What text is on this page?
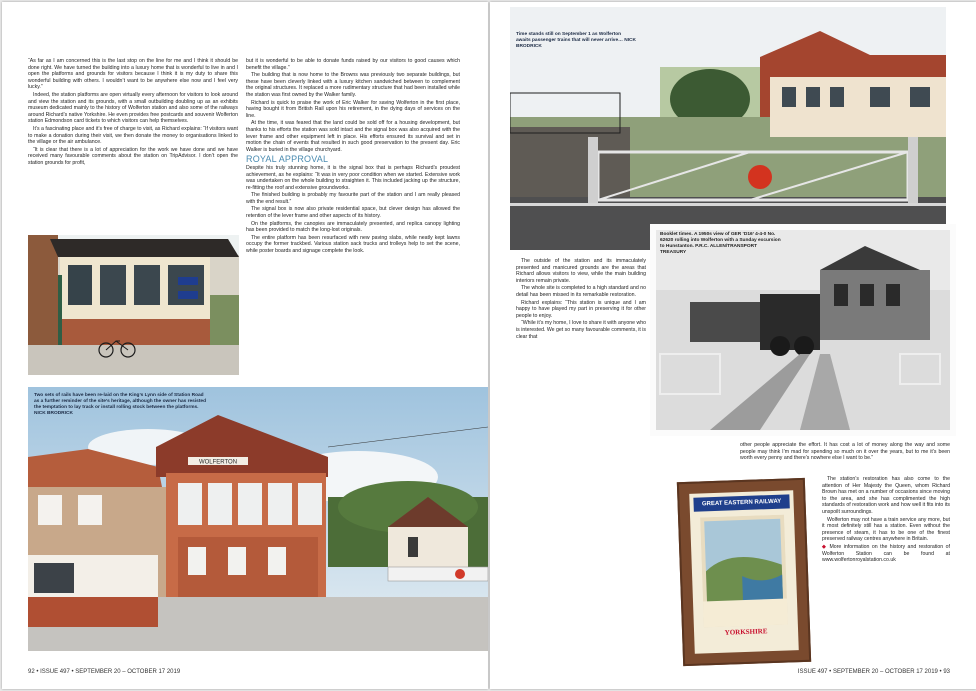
“As far as I am concerned this is the last stop on the line for me and I think it should be done right. We have turned the building into a luxury home that is wonderful to live in and I open the platforms and grounds for visitors because I think it is my duty to share this wonderful building with others. I wouldn’t want to be anywhere else now and I feel very lucky.”

Indeed, the station platforms are open virtually every afternoon for visitors to look around and view the station and its grounds, with a small outbuilding doubling up as an exhibits museum dedicated mainly to the history of Wolferton station and also some of the railways around Richard’s native Yorkshire. He even provides free postcards and souvenir Wolferton station Edmondson card tickets to which visitors can help themselves.

It’s a fascinating place and it’s free of charge to visit, as Richard explains: “If visitors want to make a donation during their visit, we then donate the money to organisations linked to the village or the air ambulance.

“It is clear that there is a lot of appreciation for the work we have done and we have received many favourable comments about the station on TripAdvisor. I don’t open the station grounds for profit,

but it is wonderful to be able to donate funds raised by our visitors to good causes which benefit the village.”

The building that is now home to the Browns was previously two separate buildings, but these have been cleverly linked with a luxury kitchen sandwiched between to complement the original structures. It replaced a more rudimentary structure that had been installed while the station was first owned by the Walker family.

Richard is quick to praise the work of Eric Walker for saving Wolferton in the first place, having bought it from British Rail upon his retirement, in the dying days of services on the line.

At the time, it was feared that the land could be sold off for a housing development, but thanks to his efforts the station was sold intact and the signal box was also acquired with the lever frame and other equipment left in place. His efforts ensured its survival and set in motion the chain of events that resulted in such good preservation to the present day. Eric Walker is buried in the village churchyard.

ROYAL APPROVAL

Despite his truly stunning home, it is the signal box that is perhaps Richard’s proudest achievement, as he explains: “It was in very poor condition when we started. Extensive work was undertaken on the whole building to straighten it. This included jacking up the structure, re-fitting the roof and extensive groundworks.

The finished building is probably my favourite part of the station and I am really pleased with the end result.”

The signal box is now also private residential space, but clever design has allowed the retention of the lever frame and other aspects of its history.

On the platforms, the canopies are immaculately presented, and replica canopy lighting has been provided to match the long-lost originals.

The entire platform has been resurfaced with new paving slabs, while neatly kept lawns occupy the former trackbed. Various station sack trucks and trolleys help to set the scene, while poster boards and signage complete the look.

WOLFERTON
Two sets of rails have been re-laid on the King’s Lynn side of Station Road as a further reminder of the site’s heritage, although the owner has resisted the temptation to lay track or install rolling stock between the platforms. NICK BRODRICK
92 • ISSUE 497 • SEPTEMBER 20 – OCTOBER 17 2019
Time stands still on September 1 as Wolferton awaits passenger trains that will never arrive… NICK BRODRICK
Booklet times. A 1950s view of GER ‘D16’ 4-4-0 No. 62620 rolling into Wolferton with a Sunday excursion to Hunstanton. P.R.C. ALLEN/TRANSPORT TREASURY

The outside of the station and its immaculately presented and manicured grounds are the areas that Richard allows visitors to view, while the main building interiors remain private.

The whole site is completed to a high standard and no detail has been missed in its remarkable restoration.

Richard explains: “This station is unique and I am happy to have played my part in preserving it for other people to enjoy.

“While it’s my home, I love to share it with anyone who is interested. We get so many favourable comments, it is clear that

other people appreciate the effort. It has cost a lot of money along the way and some people may think I’m mad for spending so much on it over the years, but to me it’s been worth every penny and there’s nowhere else I want to be.”

The station’s restoration has also come to the attention of Her Majesty the Queen, whom Richard Brown has met on a number of occasions since moving to the area, and she has complimented the high standards of restoration work and how well it fits into its unspoilt surroundings.

Wolferton may not have a train service any more, but it most definitely still has a station. Even without the presence of steam, it has to be one of the finest preserved railway centres anywhere in Britain.

◆ More information on the history and restoration of Wolferton Station can be found at www.wolfertonroyalstation.co.uk

GREAT EASTERN RAILWAY
YORKSHIRE
ISSUE 497 • SEPTEMBER 20 – OCTOBER 17 2019 • 93
